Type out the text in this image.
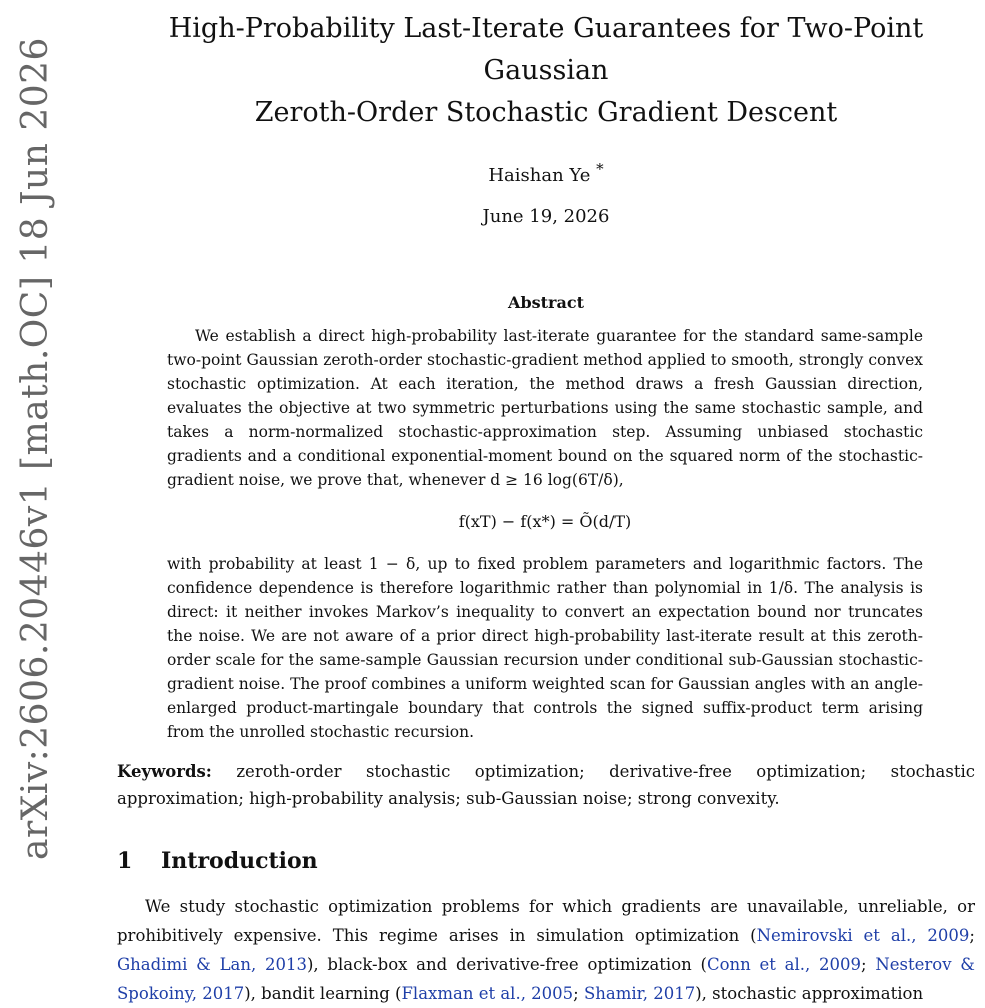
arXiv:2606.20446v1 [math.OC] 18 Jun 2026
High-Probability Last-Iterate Guarantees for Two-Point Gaussian
Zeroth-Order Stochastic Gradient Descent
Haishan Ye *
June 19, 2026
Abstract

We establish a direct high-probability last-iterate guarantee for the standard same-sample two-point Gaussian zeroth-order stochastic-gradient method applied to smooth, strongly convex stochastic optimization. At each iteration, the method draws a fresh Gaussian direction, evaluates the objective at two symmetric perturbations using the same stochastic sample, and takes a norm-normalized stochastic-approximation step. Assuming unbiased stochastic gradients and a conditional exponential-moment bound on the squared norm of the stochastic-gradient noise, we prove that, whenever d ≥ 16 log(6T/δ),

f(xT) − f(x*) = Õ(d/T)

with probability at least 1 − δ, up to fixed problem parameters and logarithmic factors. The confidence dependence is therefore logarithmic rather than polynomial in 1/δ. The analysis is direct: it neither invokes Markov’s inequality to convert an expectation bound nor truncates the noise. We are not aware of a prior direct high-probability last-iterate result at this zeroth-order scale for the same-sample Gaussian recursion under conditional sub-Gaussian stochastic-gradient noise. The proof combines a uniform weighted scan for Gaussian angles with an angle-enlarged product-martingale boundary that controls the signed suffix-product term arising from the unrolled stochastic recursion.

Keywords: zeroth-order stochastic optimization; derivative-free optimization; stochastic approximation; high-probability analysis; sub-Gaussian noise; strong convexity.
1 Introduction

We study stochastic optimization problems for which gradients are unavailable, unreliable, or prohibitively expensive. This regime arises in simulation optimization (Nemirovski et al., 2009; Ghadimi & Lan, 2013), black-box and derivative-free optimization (Conn et al., 2009; Nesterov & Spokoiny, 2017), bandit learning (Flaxman et al., 2005; Shamir, 2017), stochastic approximation
